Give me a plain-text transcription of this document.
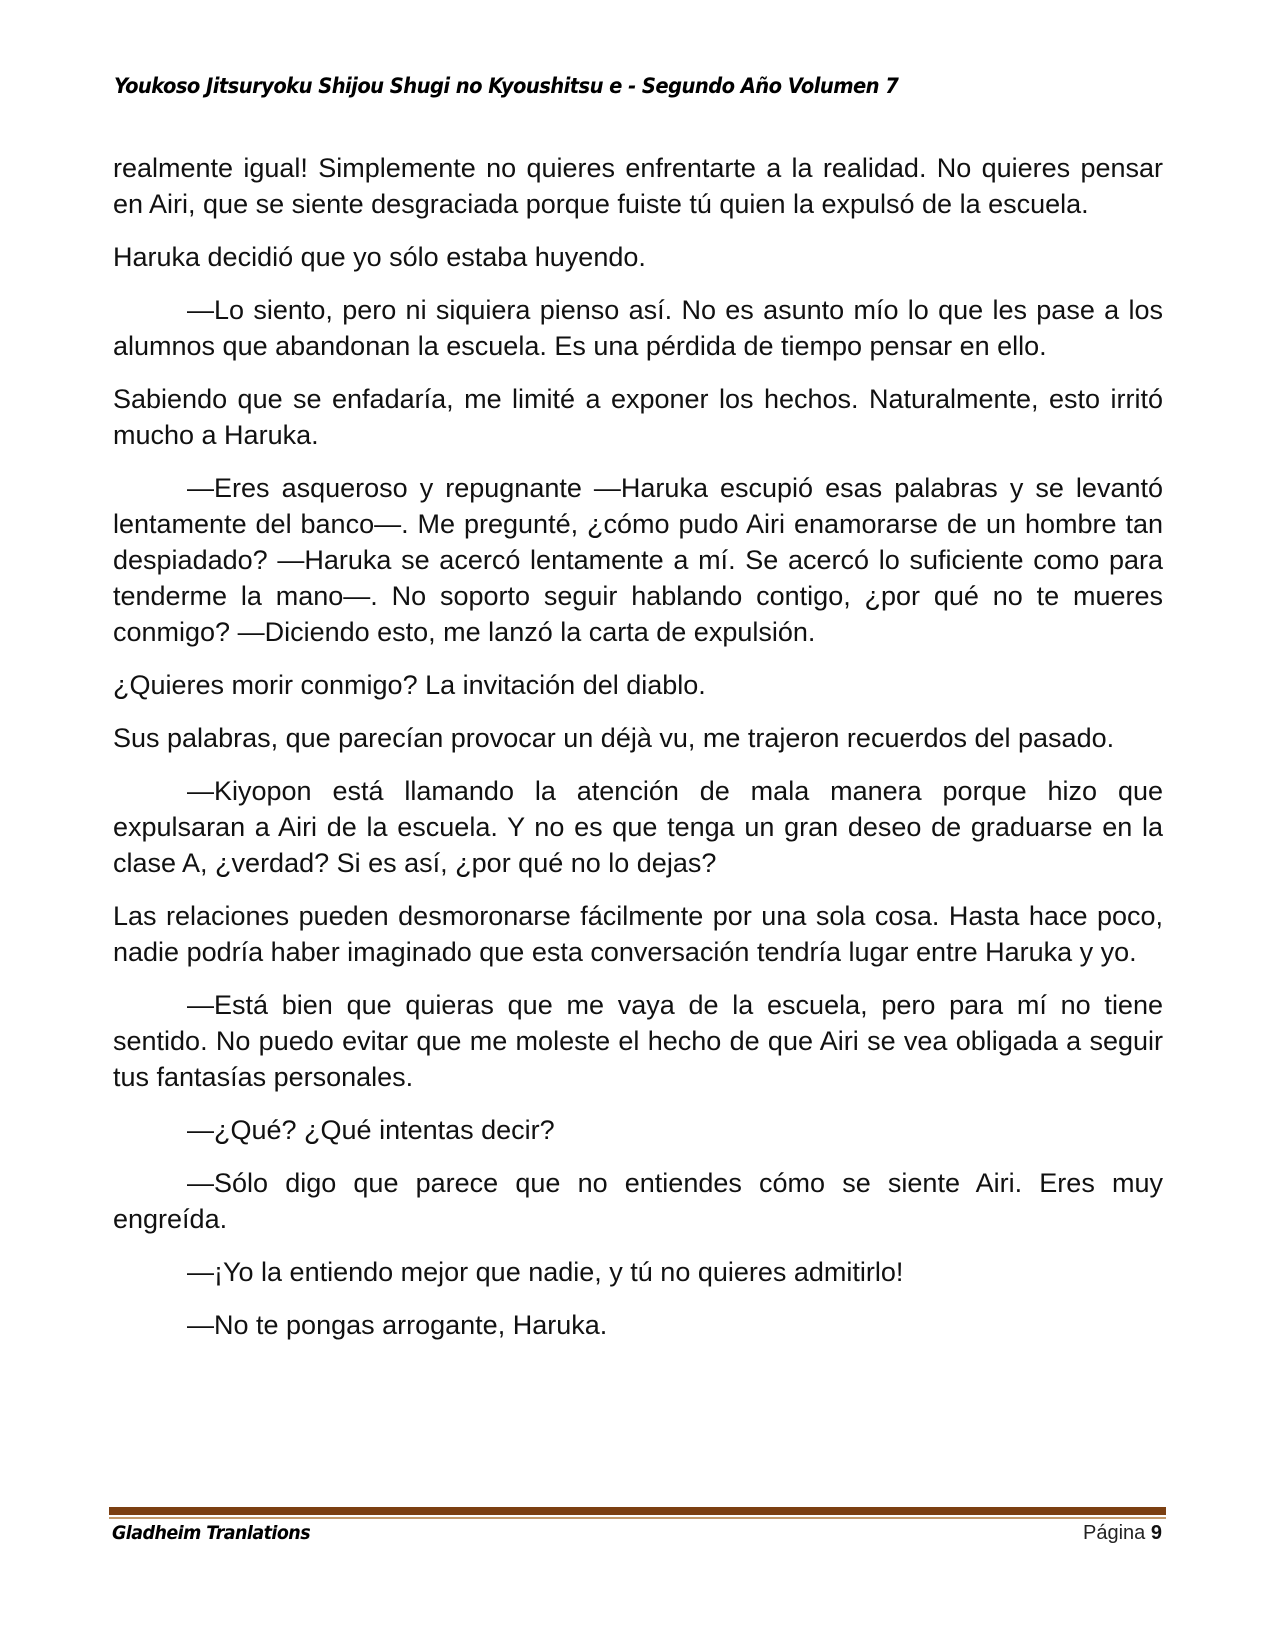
Youkoso Jitsuryoku Shijou Shugi no Kyoushitsu e - Segundo Año Volumen 7

realmente igual! Simplemente no quieres enfrentarte a la realidad. No quieres pensar en Airi, que se siente desgraciada porque fuiste tú quien la expulsó de la escuela.

Haruka decidió que yo sólo estaba huyendo.

—Lo siento, pero ni siquiera pienso así. No es asunto mío lo que les pase a los alumnos que abandonan la escuela. Es una pérdida de tiempo pensar en ello.

Sabiendo que se enfadaría, me limité a exponer los hechos. Naturalmente, esto irritó mucho a Haruka.

—Eres asqueroso y repugnante —Haruka escupió esas palabras y se levantó lentamente del banco—. Me pregunté, ¿cómo pudo Airi enamorarse de un hombre tan despiadado? —Haruka se acercó lentamente a mí. Se acercó lo suficiente como para tenderme la mano—. No soporto seguir hablando contigo, ¿por qué no te mueres conmigo? —Diciendo esto, me lanzó la carta de expulsión.

¿Quieres morir conmigo? La invitación del diablo.

Sus palabras, que parecían provocar un déjà vu, me trajeron recuerdos del pasado.

—Kiyopon está llamando la atención de mala manera porque hizo que expulsaran a Airi de la escuela. Y no es que tenga un gran deseo de graduarse en la clase A, ¿verdad? Si es así, ¿por qué no lo dejas?

Las relaciones pueden desmoronarse fácilmente por una sola cosa. Hasta hace poco, nadie podría haber imaginado que esta conversación tendría lugar entre Haruka y yo.

—Está bien que quieras que me vaya de la escuela, pero para mí no tiene sentido. No puedo evitar que me moleste el hecho de que Airi se vea obligada a seguir tus fantasías personales.

—¿Qué? ¿Qué intentas decir?

—Sólo digo que parece que no entiendes cómo se siente Airi. Eres muy engreída.

—¡Yo la entiendo mejor que nadie, y tú no quieres admitirlo!

—No te pongas arrogante, Haruka.

Gladheim Tranlations	Página 9
